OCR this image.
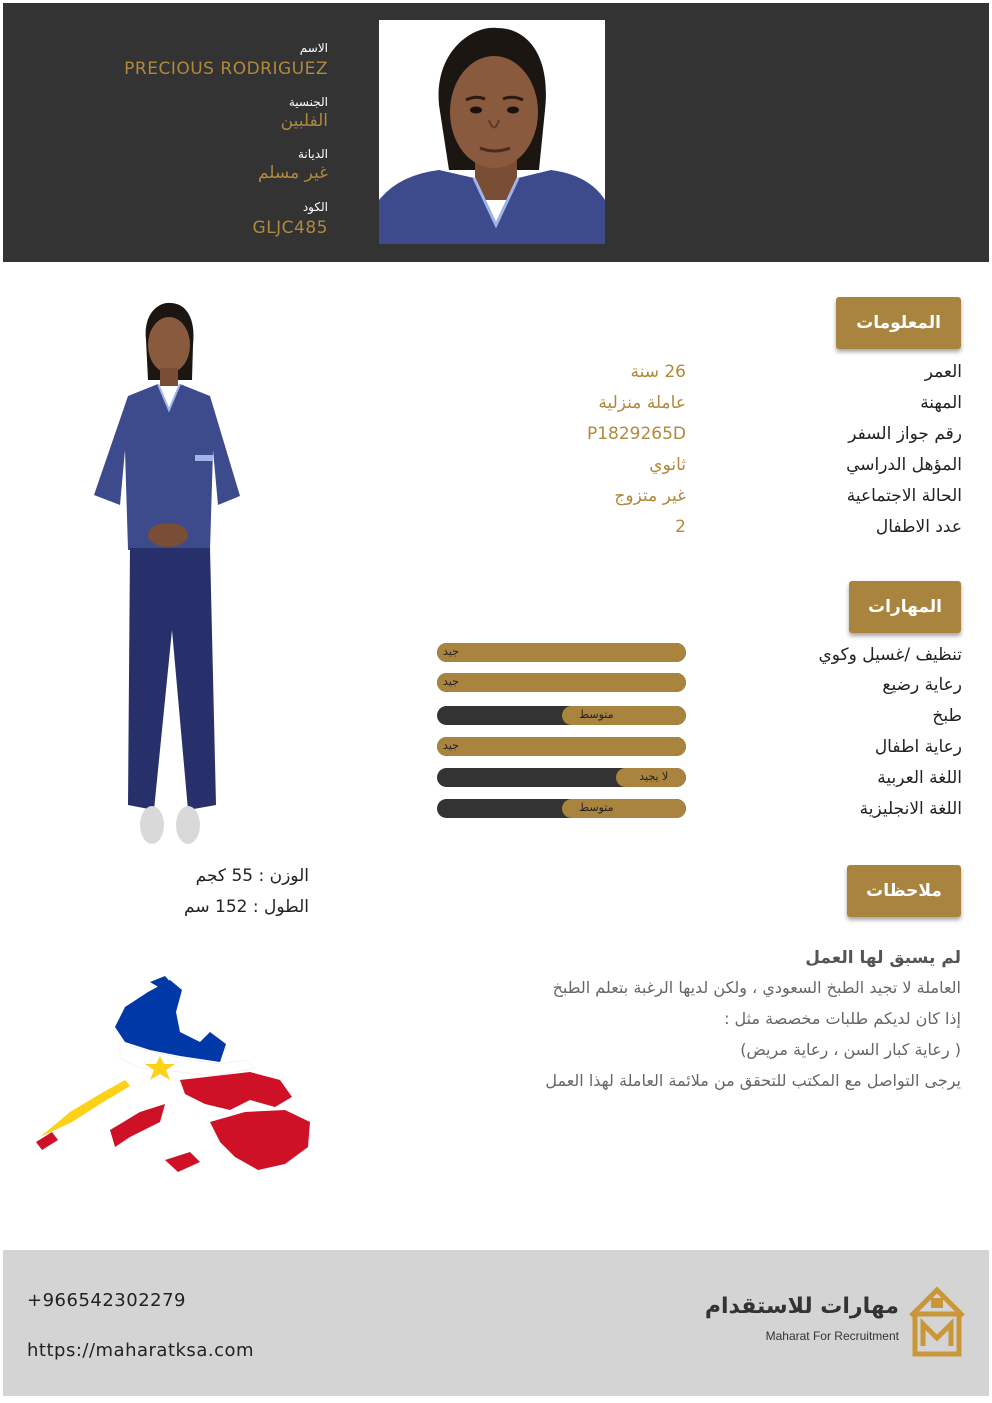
الاسم
PRECIOUS RODRIGUEZ
الجنسية
الفلبين
الديانة
غير مسلم
الكود
GLJC485
الوزن : 55 كجم
الطول : 152 سم
المعلومات
العمر
26 سنة
المهنة
عاملة منزلية
رقم جواز السفر
P1829265D
المؤهل الدراسي
ثانوي
الحالة الاجتماعية
غير متزوج
عدد الاطفال
2
المهارات
جيد	تنظيف /غسيل وكوي
جيد	رعاية رضيع
متوسط	طبخ
جيد	رعاية اطفال
لا يجيد	اللغة العربية
متوسط	اللغة الانجليزية
ملاحظات
لم يسبق لها العمل
العاملة لا تجيد الطبخ السعودي ، ولكن لديها الرغبة بتعلم الطبخ
إذا كان لديكم طلبات مخصصة مثل :
( رعاية كبار السن ، رعاية مريض)
يرجى التواصل مع المكتب للتحقق من ملائمة العاملة لهذا العمل
+966542302279
https://maharatksa.com
مهارات للاستقدام
Maharat For Recruitment
